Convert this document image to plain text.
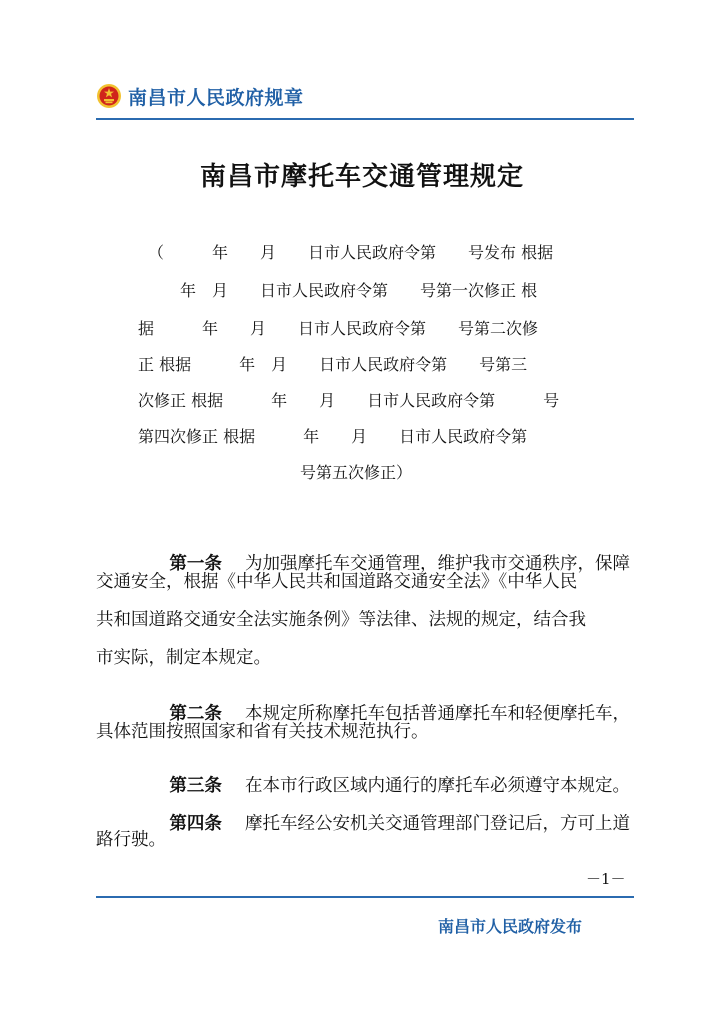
南昌市人民政府规章
南昌市摩托车交通管理规定

（　　　年　　月　　日市人民政府令第　　号发布 根据

年　月　　日市人民政府令第　　号第一次修正 根

据　　　年　　月　　日市人民政府令第　　号第二次修

正 根据　　　年　月　　日市人民政府令第　　号第三

次修正 根据　　　年　　月　　日市人民政府令第　　　号

第四次修正 根据　　　年　　月　　日市人民政府令第

号第五次修正）

第一条　 为加强摩托车交通管理，维护我市交通秩序，保障

交通安全，根据《中华人民共和国道路交通安全法》《中华人民
共和国道路交通安全法实施条例》等法律、法规的规定，结合我
市实际，制定本规定。

第二条　 本规定所称摩托车包括普通摩托车和轻便摩托车，

具体范围按照国家和省有关技术规范执行。

第三条　 在本市行政区域内通行的摩托车必须遵守本规定。

第四条　 摩托车经公安机关交通管理部门登记后，方可上道

路行驶。
－1－
南昌市人民政府发布
